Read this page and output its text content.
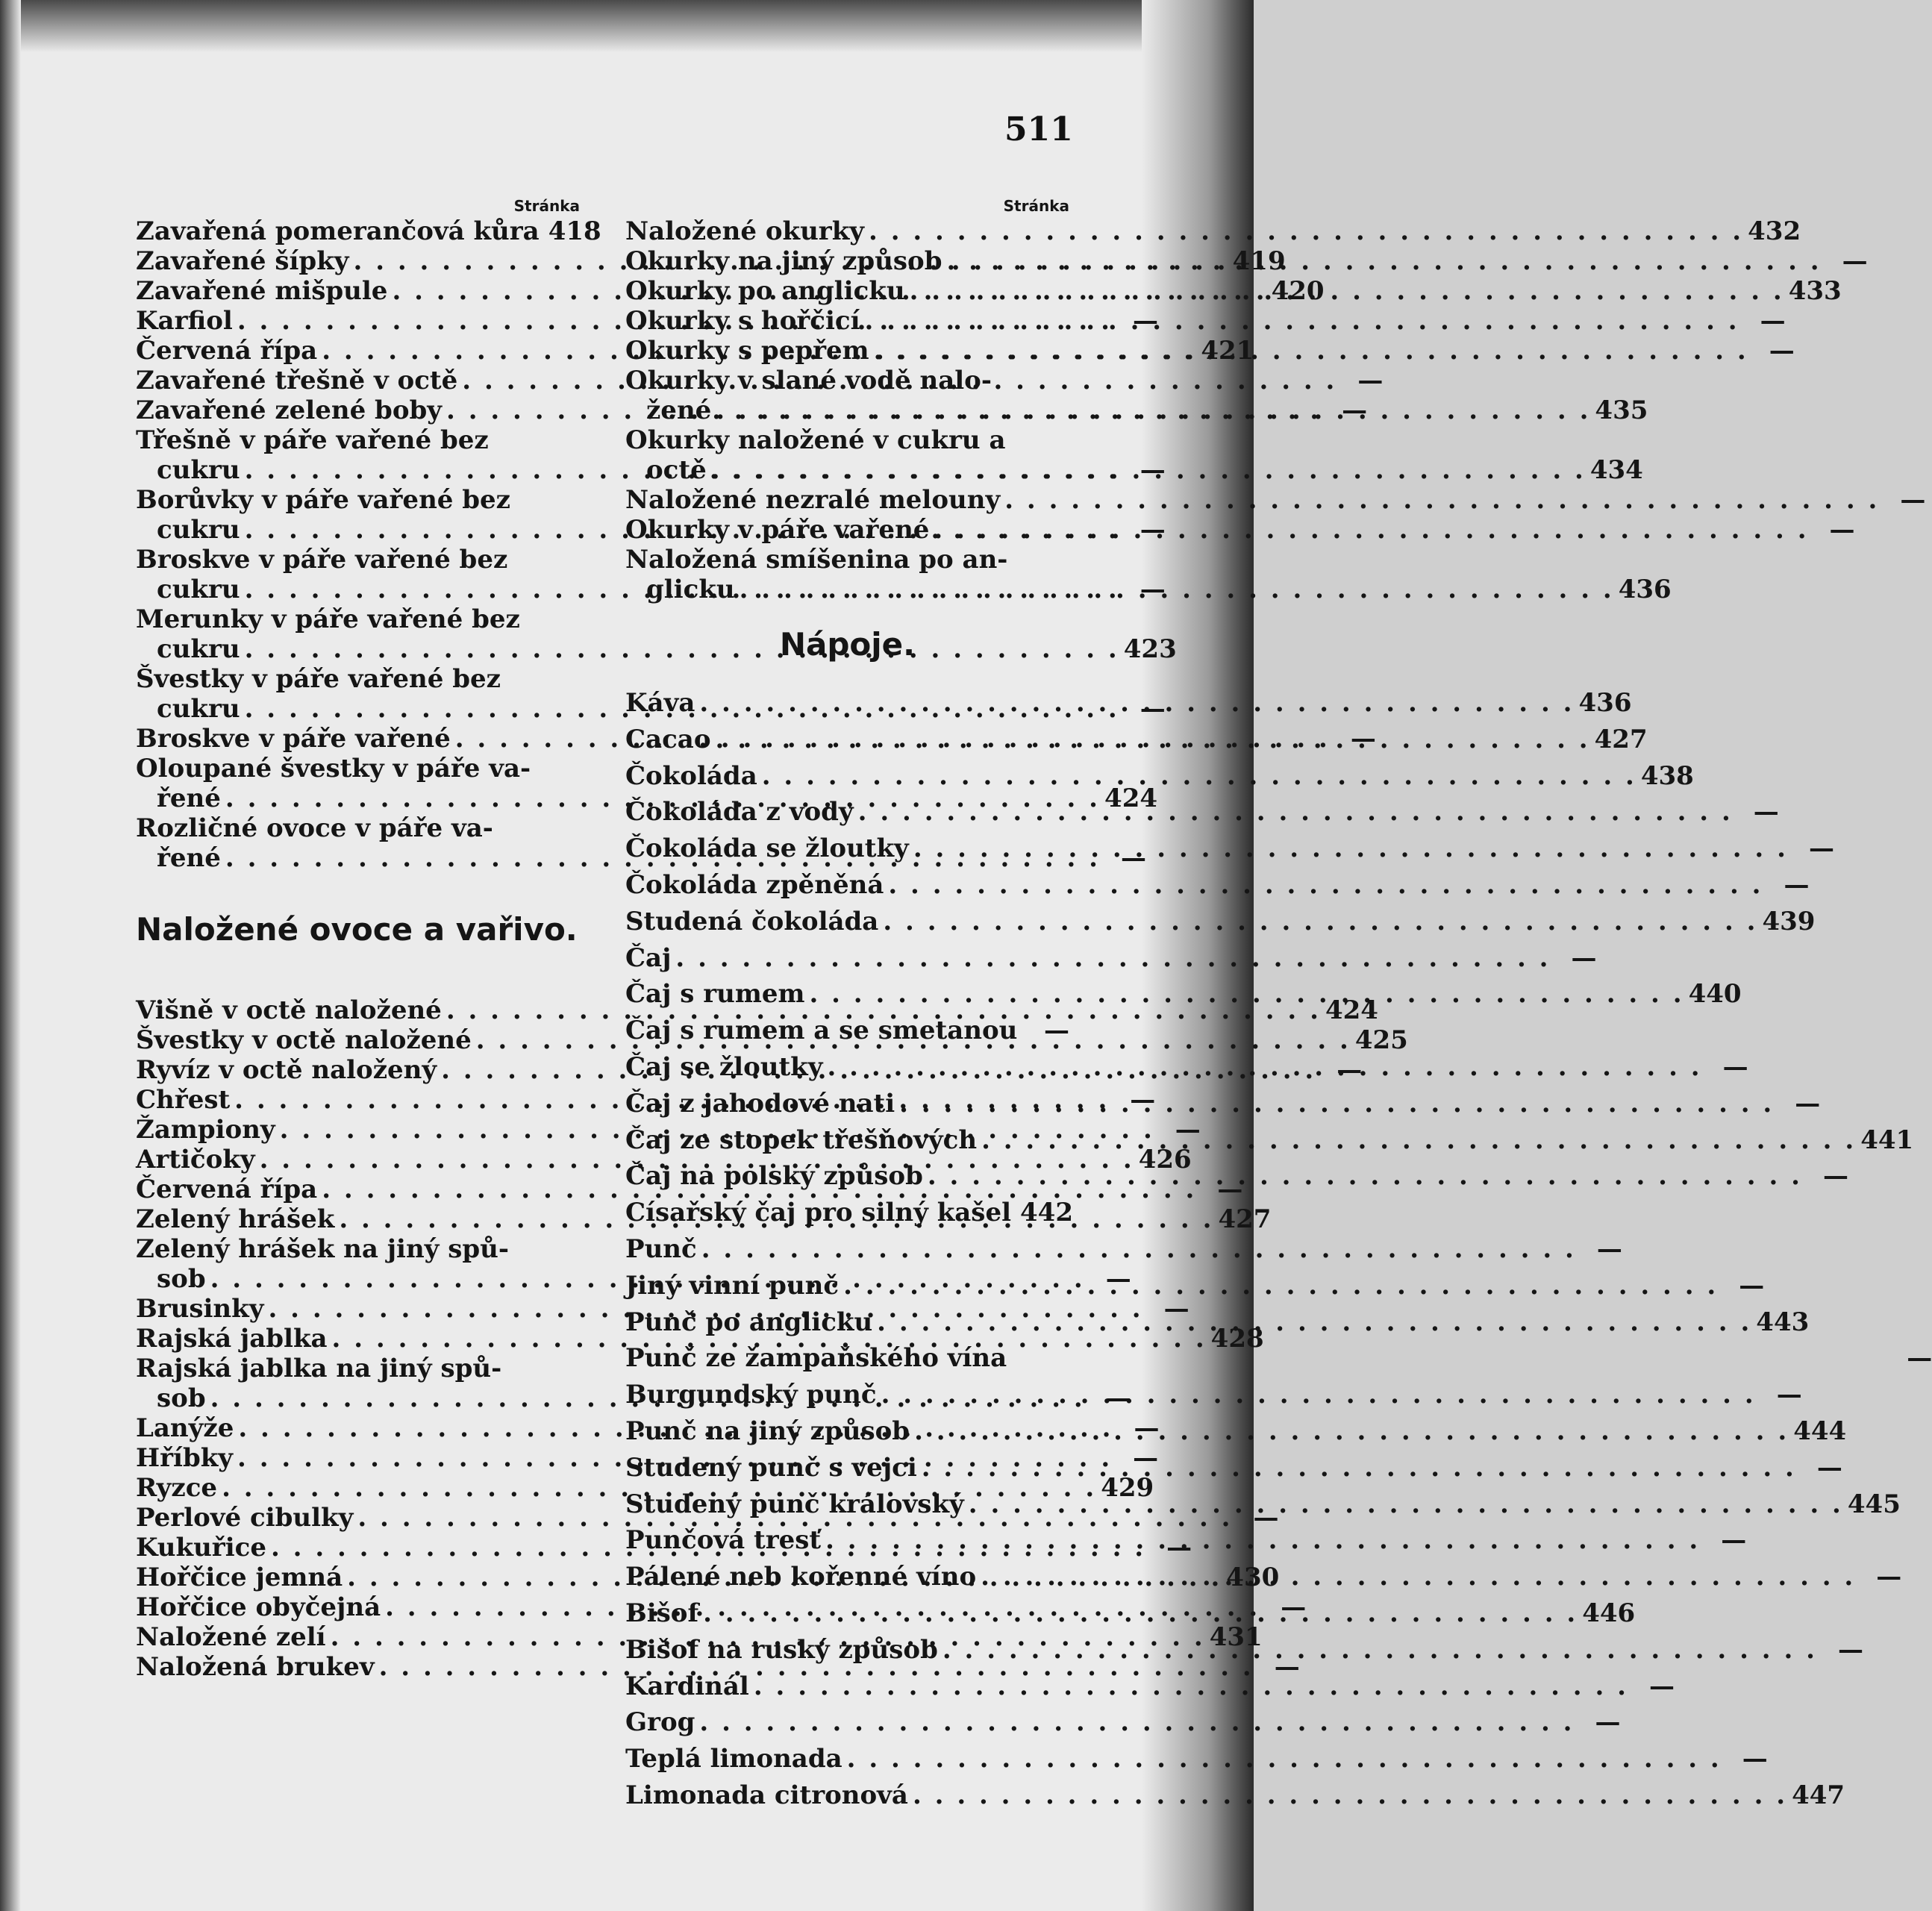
511
Stránka
Zavařená pomerančová kůra 418
Zavařené šípky . . .	419
Zavařené mišpule . . .	420
Karfiol . . .	—
Červená řípa . . .	421
Zavařené třešně v octě . . .	—
Zavařené zelené boby . . .	—
Třešně v páře vařené bez
cukru . . .	—
Borůvky v páře vařené bez
cukru . . .	—
Broskve v páře vařené bez
cukru . . .	—
Merunky v páře vařené bez
cukru . . .	423
Švestky v páře vařené bez
cukru . . .	—
Broskve v páře vařené . . .	—
Oloupané švestky v páře va-
řené . . .	424
Rozličné ovoce v páře va-
řené . . .	—
Naložené ovoce a vařivo.
Višně v octě naložené . . .	424
Švestky v octě naložené . . .	425
Ryvíz v octě naložený . . .	—
Chřest . . .	—
Žampiony . . .	—
Artičoky . . .	426
Červená řípa . . .	—
Zelený hrášek . . .	427
Zelený hrášek na jiný spů-
sob . . .	—
Brusinky . . .	—
Rajská jablka . . .	428
Rajská jablka na jiný spů-
sob . . .	—
Lanýže . . .	—
Hříbky . . .	—
Ryzce . . .	429
Perlové cibulky . . .	—
Kukuřice . . .	—
Hořčice jemná . . .	430
Hořčice obyčejná . . .	—
Naložené zelí . . .	431
Naložená brukev . . .	—
Stránka
Naložené okurky . . .	432
Okurky na jiný způsob . . .	—
Okurky po anglicku . . .	433
Okurky s hořčicí . . .	—
Okurky s pepřem . . .	—
Okurky v slané vodě nalo-
žené . . .	435
Okurky naložené v cukru a
octě . . .	434
Naložené nezralé melouny . . .	—
Okurky v páře vařené . . .	—
Naložená smíšenina po an-
glicku . . .	436
Nápoje.
Káva . . .	436
Cacao . . .	427
Čokoláda . . .	438
Čokoláda z vody . . .	—
Čokoláda se žloutky . . .	—
Čokoláda zpěněná . . .	—
Studená čokoláda . . .	439
Čaj . . .	—
Čaj s rumem . . .	440
Čaj s rumem a se smetanou	—
Čaj se žloutky . . .	—
Čaj z jahodové nati . . .	—
Čaj ze stopek třešňových . . .	441
Čaj na polský způsob . . .	—
Císařský čaj pro silný kašel 442
Punč . . .	—
Jiný vinní punč . . .	—
Punč po anglicku . . .	443
Punč ze žampaňského vína	—
Burgundský punč . . .	—
Punč na jiný způsob . . .	444
Studený punč s vejci . . .	—
Studený punč královský . . .	445
Punčová tresť . . .	—
Pálené neb kořenné víno . . .	—
Bišof . . .	446
Bišof na ruský způsob . . .	—
Kardinál . . .	—
Grog . . .	—
Teplá limonada . . .	—
Limonada citronová . . .	447
